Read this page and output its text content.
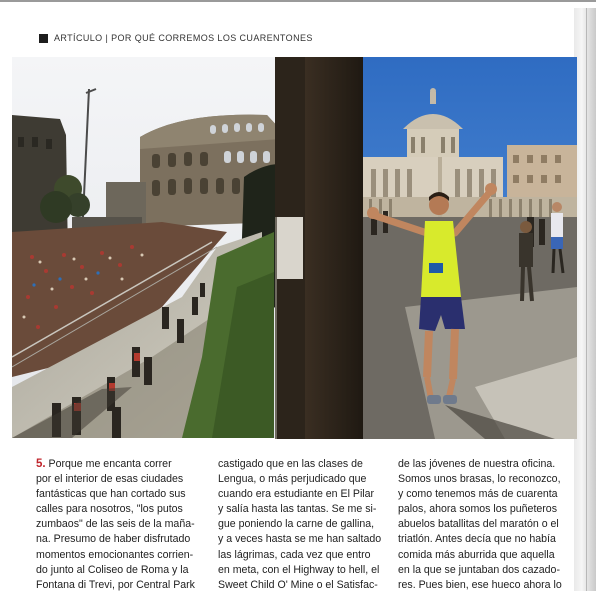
ARTÍCULO | POR QUÉ CORREMOS LOS CUARENTONES
5. Porque me encanta correr
por el interior de esas ciudades
fantásticas que han cortado sus
calles para nosotros, "los putos
zumbaos" de las seis de la maña-
na. Presumo de haber disfrutado
momentos emocionantes corrien-
do junto al Coliseo de Roma y la
Fontana di Trevi, por Central Park
castigado que en las clases de
Lengua, o más perjudicado que
cuando era estudiante en El Pilar
y salía hasta las tantas. Se me si-
gue poniendo la carne de gallina,
y a veces hasta se me han saltado
las lágrimas, cada vez que entro
en meta, con el Highway to hell, el
Sweet Child O' Mine o el Satisfac-
de las jóvenes de nuestra oficina.
Somos unos brasas, lo reconozco,
y como tenemos más de cuarenta
palos, ahora somos los puñeteros
abuelos batallitas del maratón o el
triatlón. Antes decía que no había
comida más aburrida que aquella
en la que se juntaban dos cazado-
res. Pues bien, ese hueco ahora lo
